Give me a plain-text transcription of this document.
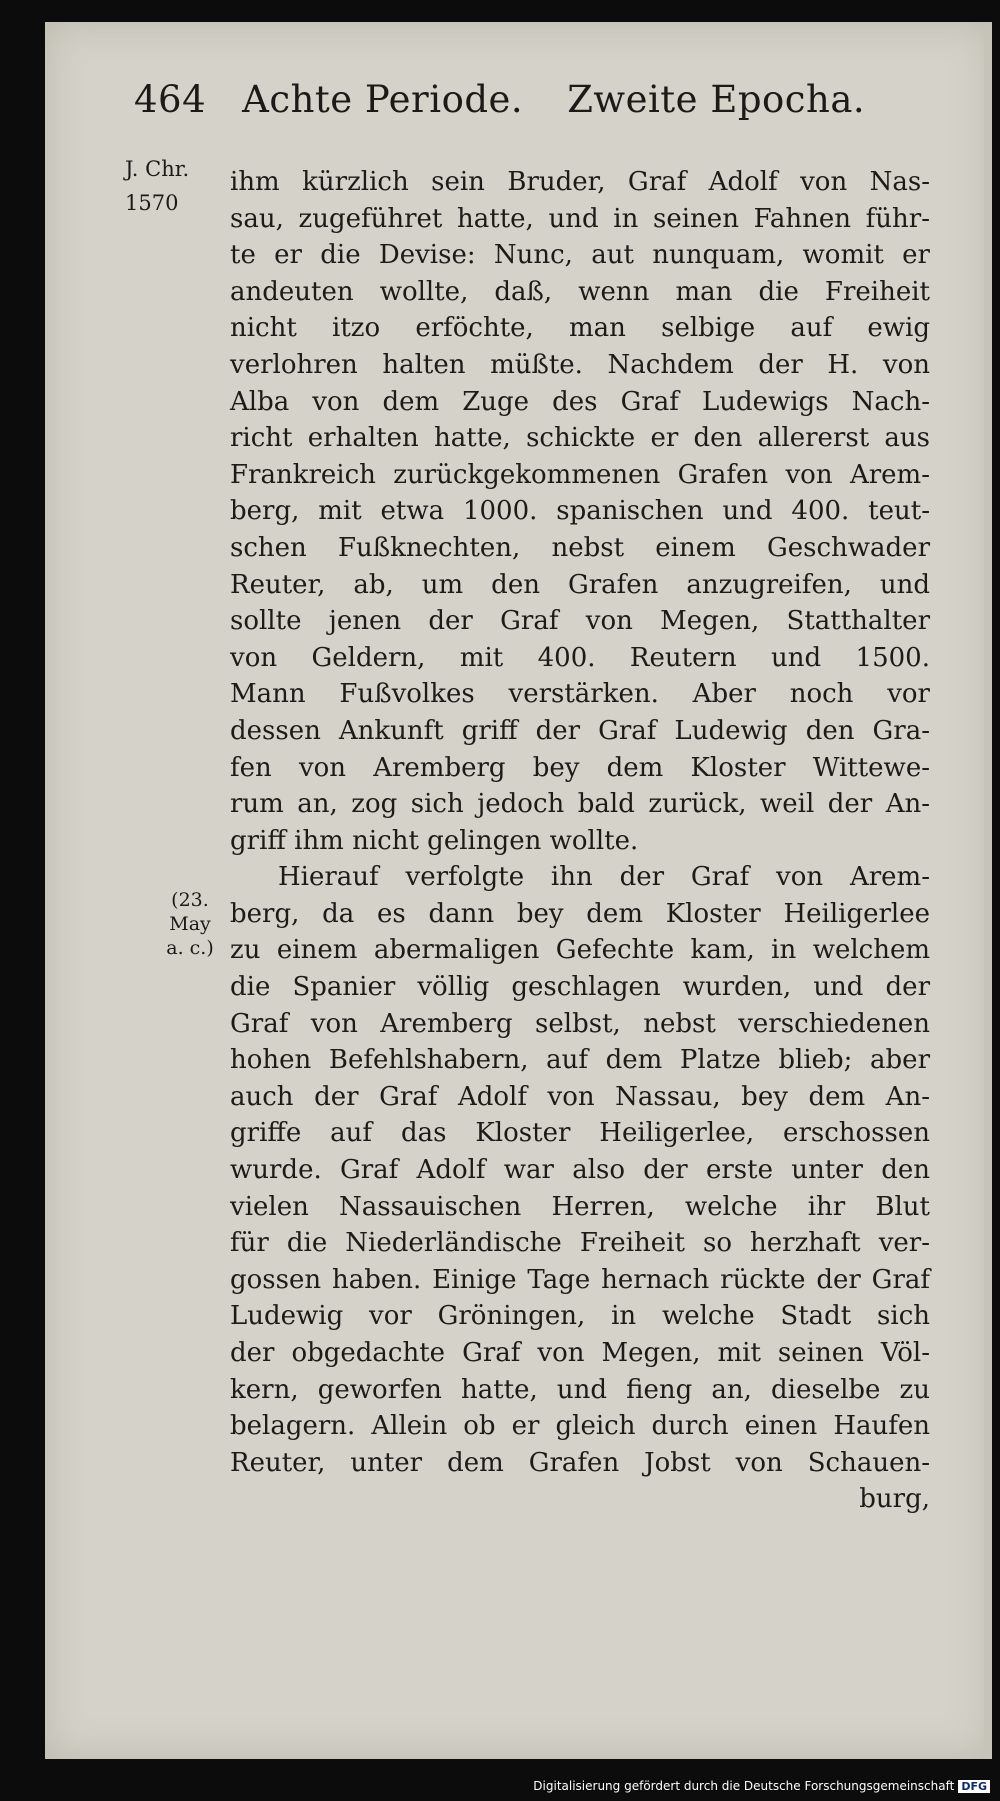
464 Achte Periode. Zweite Epocha.
J. Chr.
1570
(23.
May
a. c.)
ihm kürzlich sein Bruder, Graf Adolf von Nas-
sau, zugeführet hatte, und in seinen Fahnen führ-
te er die Devise: Nunc, aut nunquam, womit er
andeuten wollte, daß, wenn man die Freiheit
nicht itzo erföchte, man selbige auf ewig
verlohren halten müßte. Nachdem der H. von
Alba von dem Zuge des Graf Ludewigs Nach-
richt erhalten hatte, schickte er den allererst aus
Frankreich zurückgekommenen Grafen von Arem-
berg, mit etwa 1000. spanischen und 400. teut-
schen Fußknechten, nebst einem Geschwader
Reuter, ab, um den Grafen anzugreifen, und
sollte jenen der Graf von Megen, Statthalter
von Geldern, mit 400. Reutern und 1500.
Mann Fußvolkes verstärken. Aber noch vor
dessen Ankunft griff der Graf Ludewig den Gra-
fen von Aremberg bey dem Kloster Wittewe-
rum an, zog sich jedoch bald zurück, weil der An-
griff ihm nicht gelingen wollte.
Hierauf verfolgte ihn der Graf von Arem-
berg, da es dann bey dem Kloster Heiligerlee
zu einem abermaligen Gefechte kam, in welchem
die Spanier völlig geschlagen wurden, und der
Graf von Aremberg selbst, nebst verschiedenen
hohen Befehlshabern, auf dem Platze blieb; aber
auch der Graf Adolf von Nassau, bey dem An-
griffe auf das Kloster Heiligerlee, erschossen
wurde. Graf Adolf war also der erste unter den
vielen Nassauischen Herren, welche ihr Blut
für die Niederländische Freiheit so herzhaft ver-
gossen haben. Einige Tage hernach rückte der Graf
Ludewig vor Gröningen, in welche Stadt sich
der obgedachte Graf von Megen, mit seinen Völ-
kern, geworfen hatte, und fieng an, dieselbe zu
belagern. Allein ob er gleich durch einen Haufen
Reuter, unter dem Grafen Jobst von Schauen-
burg,
Digitalisierung gefördert durch die Deutsche Forschungsgemeinschaft DFG
